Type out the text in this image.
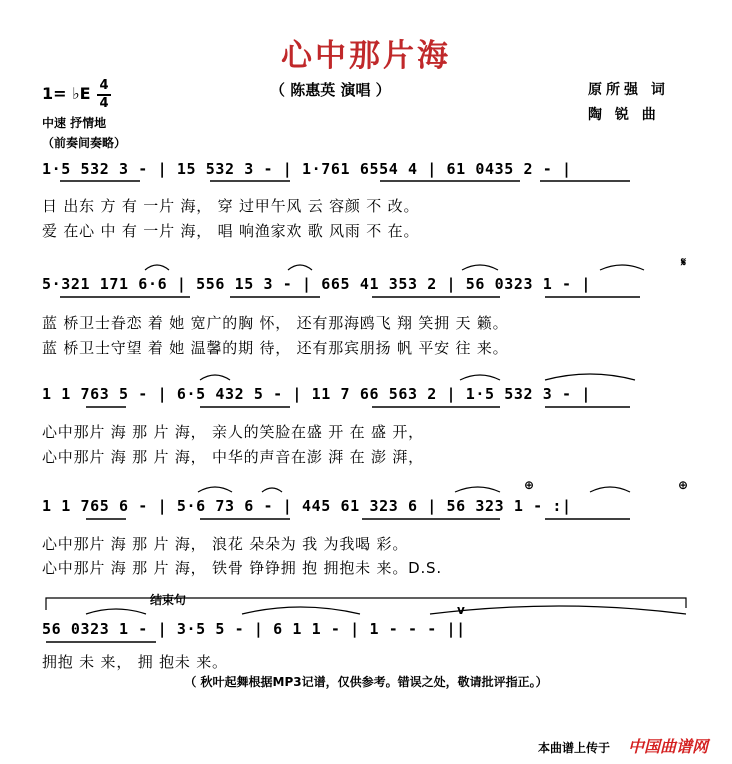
心中那片海
（ 陈惠英 演唱 ）
1= ♭E 4
4
中速 抒情地
（前奏间奏略）
原所强 词
陶 锐 曲
1·5 532 3 - | 15 532 3 - | 1·761 6554 4 | 61 0435 2 - |
日 出东 方 有 一片 海， 穿 过甲午风 云 容颜 不 改。
爱 在心 中 有 一片 海， 唱 响渔家欢 歌 风雨 不 在。
5·321 171 6·6 | 556 15 3 - | 665 41 353 2 | 56 0323 1 - |
蓝 桥卫士眷恋 着 她 宽广的胸 怀， 还有那海鸥飞 翔 笑拥 天 籁。
蓝 桥卫士守望 着 她 温馨的期 待， 还有那宾朋扬 帆 平安 往 来。
𝄋
1 1 763 5 - | 6·5 432 5 - | 11 7 66 563 2 | 1·5 532 3 - |
心中那片 海 那 片 海， 亲人的笑脸在盛 开 在 盛 开，
心中那片 海 那 片 海， 中华的声音在澎 湃 在 澎 湃，
1 1 765 6 - | 5·6 73 6 - | 445 61 323 6 | 56 323 1 - :|
心中那片 海 那 片 海， 浪花 朵朵为 我 为我喝 彩。
心中那片 海 那 片 海， 铁骨 铮铮拥 抱 拥抱未 来。D.S.
⊕	⊕
结束句
56 0323 1 - | 3·5 5 - | 6 1 1 - | 1 - - - ||
拥抱 未 来， 拥 抱未 来。
v
（ 秋叶起舞根据MP3记谱，仅供参考。错误之处，敬请批评指正。）
本曲谱上传于 中国曲谱网
